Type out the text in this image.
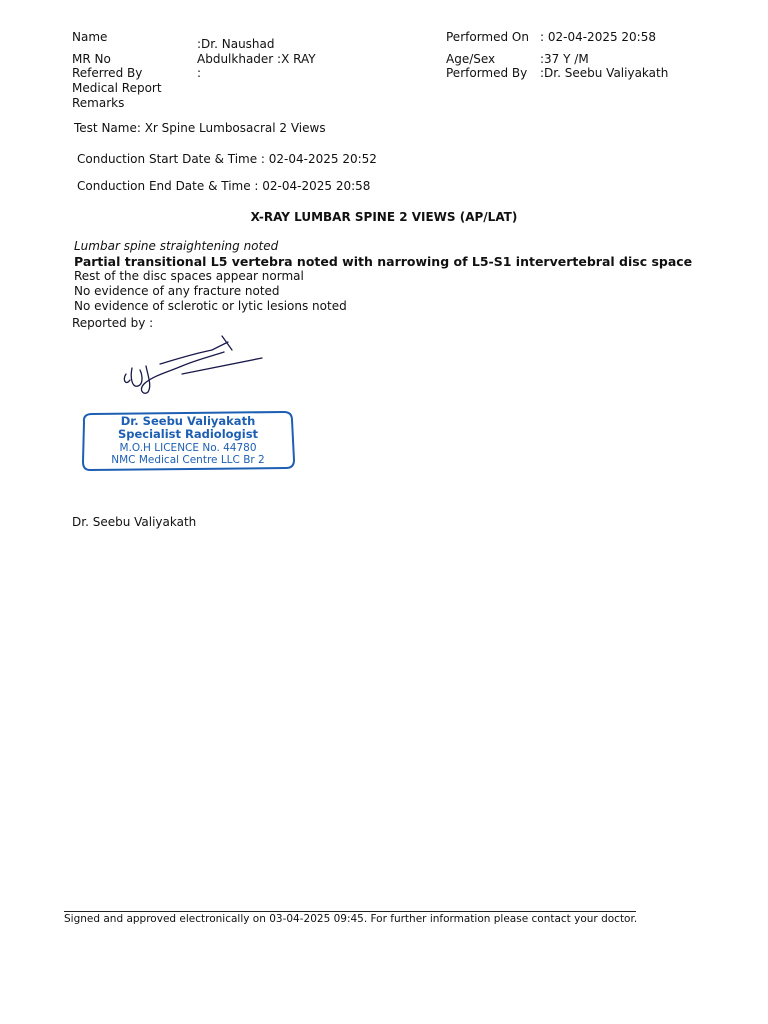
Name	:Dr. Naushad
MR No	Abdulkhader :X RAY
Referred By	:
Medical Report
Remarks
Performed On : 02-04-2025 20:58
Age/Sex	:37 Y /M
Performed By :Dr. Seebu Valiyakath
Test Name: Xr Spine Lumbosacral 2 Views
Conduction Start Date & Time : 02-04-2025 20:52
Conduction End Date & Time : 02-04-2025 20:58
X-RAY LUMBAR SPINE 2 VIEWS (AP/LAT)
Lumbar spine straightening noted
Partial transitional L5 vertebra noted with narrowing of L5-S1 intervertebral disc space
Rest of the disc spaces appear normal
No evidence of any fracture noted
No evidence of sclerotic or lytic lesions noted
Reported by :
Dr. Seebu Valiyakath
Specialist Radiologist
M.O.H LICENCE No. 44780
NMC Medical Centre LLC Br 2
Dr. Seebu Valiyakath
Signed and approved electronically on 03-04-2025 09:45. For further information please contact your doctor.
